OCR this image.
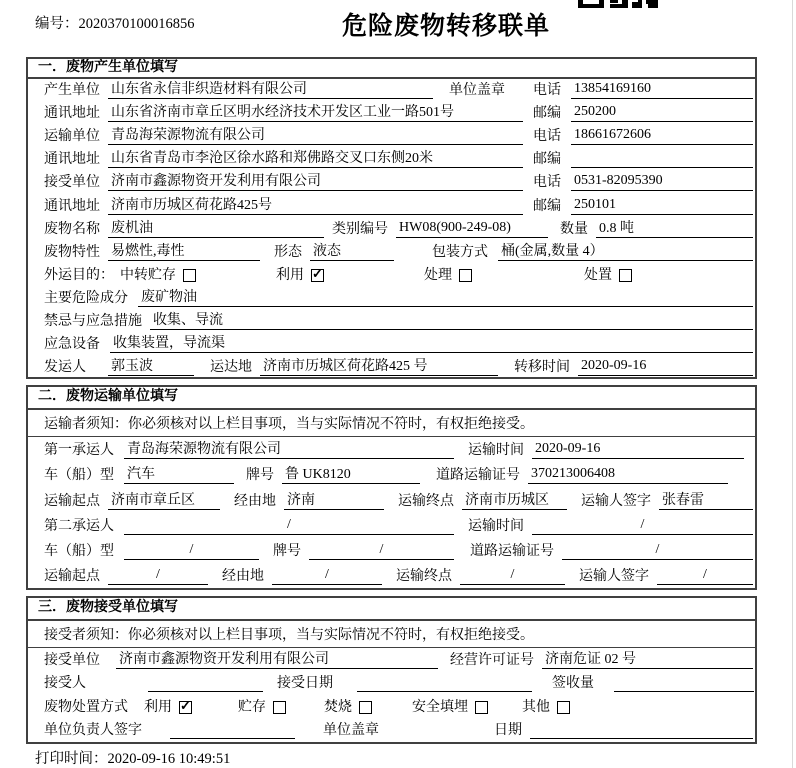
编号：2020370100016856	危险废物转移联单
一．废物产生单位填写
产生单位 山东省永信非织造材料有限公司	单位盖章 电话 13854169160
通讯地址 山东省济南市章丘区明水经济技术开发区工业一路501号	邮编 250200
运输单位 青岛海荣源物流有限公司	电话 18661672606
通讯地址 山东省青岛市李沧区徐水路和郑佛路交叉口东侧20米	邮编
接受单位 济南市鑫源物资开发利用有限公司	电话 0531-82095390
通讯地址 济南市历城区荷花路425号	邮编 250101
废物名称 废机油	类别编号 HW08(900-249-08)	数量 0.8 吨
废物特性 易燃性,毒性	形态 液态	包装方式 桶(金属,数量 4）
外运目的： 中转贮存	利用 ✓	处理	处置
主要危险成分 废矿物油
禁忌与应急措施 收集、导流
应急设备 收集装置，导流渠
发运人	郭玉波	运达地 济南市历城区荷花路425 号	转移时间 2020-09-16
二．废物运输单位填写
运输者须知：你必须核对以上栏目事项，当与实际情况不符时，有权拒绝接受。
第一承运人 青岛海荣源物流有限公司	运输时间 2020-09-16
车（船）型 汽车	牌号 鲁 UK8120	道路运输证号 370213006408
运输起点 济南市章丘区	经由地 济南	运输终点 济南市历城区	运输人签字 张春雷
第二承运人	/	运输时间	/
车（船）型	/	牌号	/	道路运输证号	/
运输起点	/	经由地	/	运输终点	/	运输人签字	/
三．废物接受单位填写
接受者须知：你必须核对以上栏目事项，当与实际情况不符时，有权拒绝接受。
接受单位	济南市鑫源物资开发利用有限公司	经营许可证号 济南危证 02 号
接受人	接受日期	签收量
废物处置方式 利用 ✓	贮存	焚烧	安全填埋	其他
单位负责人签字	单位盖章	日期
打印时间：2020-09-16 10:49:51
